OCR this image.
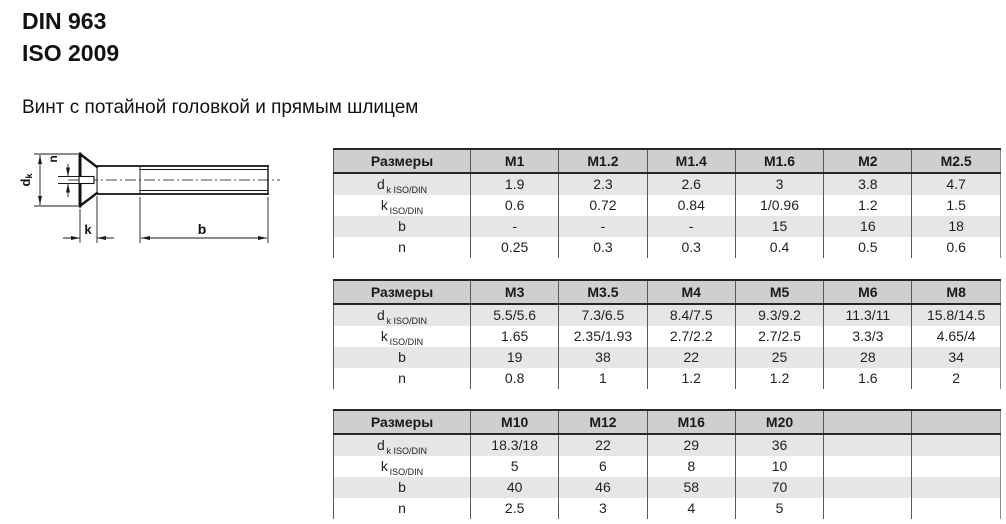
DIN 963
ISO 2009
Винт с потайной головкой и прямым шлицем
dk
n
k	b
Размеры	M1	M1.2	M1.4	M1.6	M2	M2.5
d $_{k ISO/DIN}$	1.9	2.3	2.6	3	3.8	4.7
k $_{ISO/DIN}$	0.6	0.72	0.84	1/0.96	1.2	1.5
b	-	-	-	15	16	18
n	0.25	0.3	0.3	0.4	0.5	0.6
Размеры	M3	M3.5	M4	M5	M6	M8
d $_{k ISO/DIN}$	5.5/5.6	7.3/6.5	8.4/7.5	9.3/9.2	11.3/11	15.8/14.5
k $_{ISO/DIN}$	1.65	2.35/1.93	2.7/2.2	2.7/2.5	3.3/3	4.65/4
b	19	38	22	25	28	34
n	0.8	1	1.2	1.2	1.6	2
Размеры	M10	M12	M16	M20		
d $_{k ISO/DIN}$	18.3/18	22	29	36		
k $_{ISO/DIN}$	5	6	8	10		
b	40	46	58	70		
n	2.5	3	4	5		
